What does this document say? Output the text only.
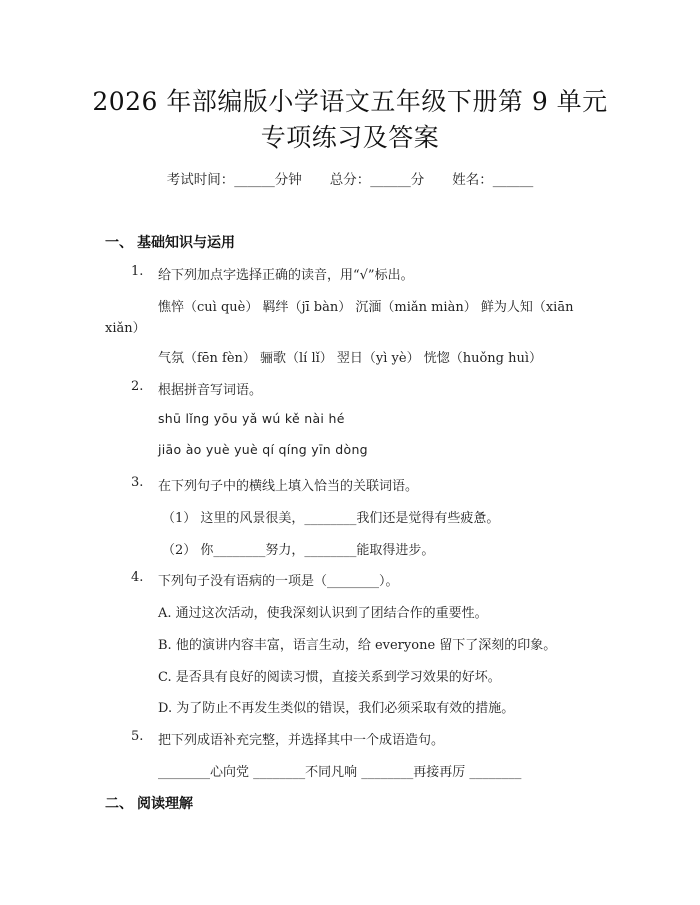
2026 年部编版小学语文五年级下册第 9 单元
专项练习及答案
考试时间：______分钟 总分：______分 姓名：______
一、 基础知识与运用
1. 给下列加点字选择正确的读音，用“√”标出。
憔悴（cuì què） 羁绊（jī bàn） 沉湎（miǎn miàn） 鲜为人知（xiān
xiǎn）
气氛（fēn fèn） 骊歌（lí lǐ） 翌日（yì yè） 恍惚（huǒng huì）
2. 根据拼音写词语。
shū lǐng yōu yǎ wú kě nài hé
jiāo ào yuè yuè qí qíng yīn dòng
3. 在下列句子中的横线上填入恰当的关联词语。
（1） 这里的风景很美，________我们还是觉得有些疲惫。
（2） 你________努力，________能取得进步。
4. 下列句子没有语病的一项是（________）。
A. 通过这次活动，使我深刻认识到了团结合作的重要性。
B. 他的演讲内容丰富，语言生动，给 everyone 留下了深刻的印象。
C. 是否具有良好的阅读习惯，直接关系到学习效果的好坏。
D. 为了防止不再发生类似的错误，我们必须采取有效的措施。
5. 把下列成语补充完整，并选择其中一个成语造句。
________心向党 ________不同凡响 ________再接再厉 ________
二、 阅读理解
